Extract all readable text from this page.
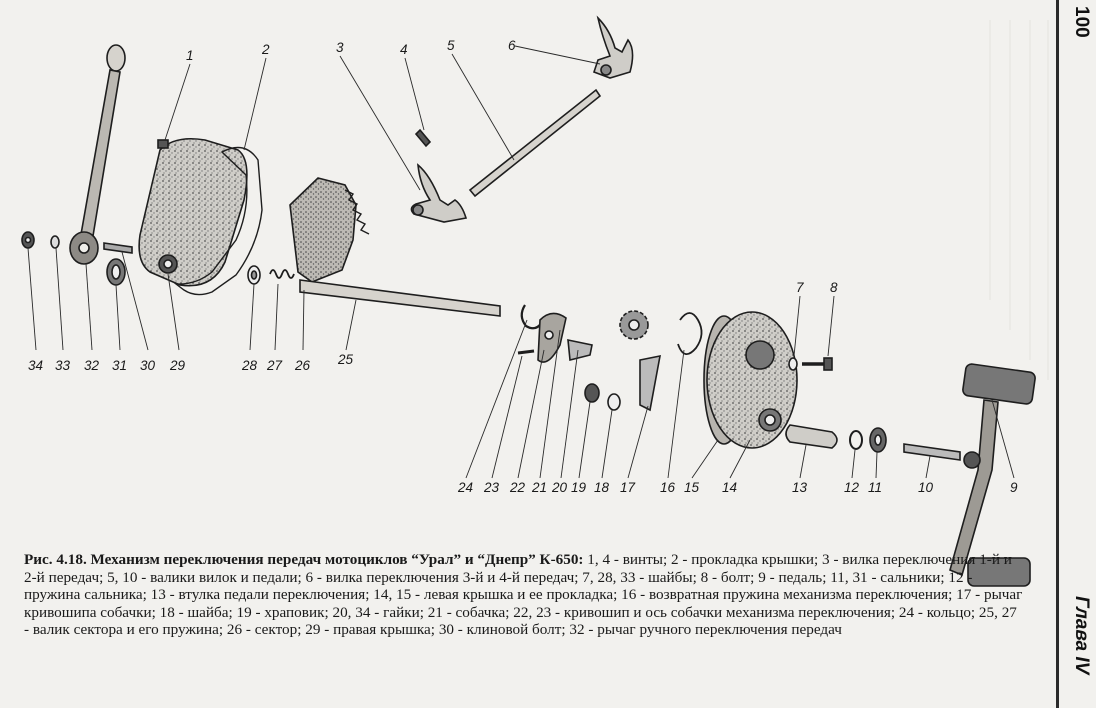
1	2	3	4	5	6
7 8
9
10
11
12
13
14
15
16
17
18
19
20
21
22
23
24
25
26
27
28
29
30
31
32
33
34
100
Глава IV
Рис. 4.18. Механизм переключения передач мотоциклов “Урал” и “Днепр” К-650: 1, 4 - винты; 2 - прокладка крышки; 3 - вилка переключения 1-й и 2-й передач; 5, 10 - валики вилок и педали; 6 - вилка переключения 3-й и 4-й передач; 7, 28, 33 - шайбы; 8 - болт; 9 - педаль; 11, 31 - сальники; 12 - пружина сальника; 13 - втулка педали переключения; 14, 15 - левая крышка и ее прокладка; 16 - возвратная пружина механизма переключения; 17 - рычаг кривошипа собачки; 18 - шайба; 19 - храповик; 20, 34 - гайки; 21 - собачка; 22, 23 - кривошип и ось собачки механизма переключения; 24 - кольцо; 25, 27 - валик сектора и его пружина; 26 - сектор; 29 - правая крышка; 30 - клиновой болт; 32 - рычаг ручного переключения передач
